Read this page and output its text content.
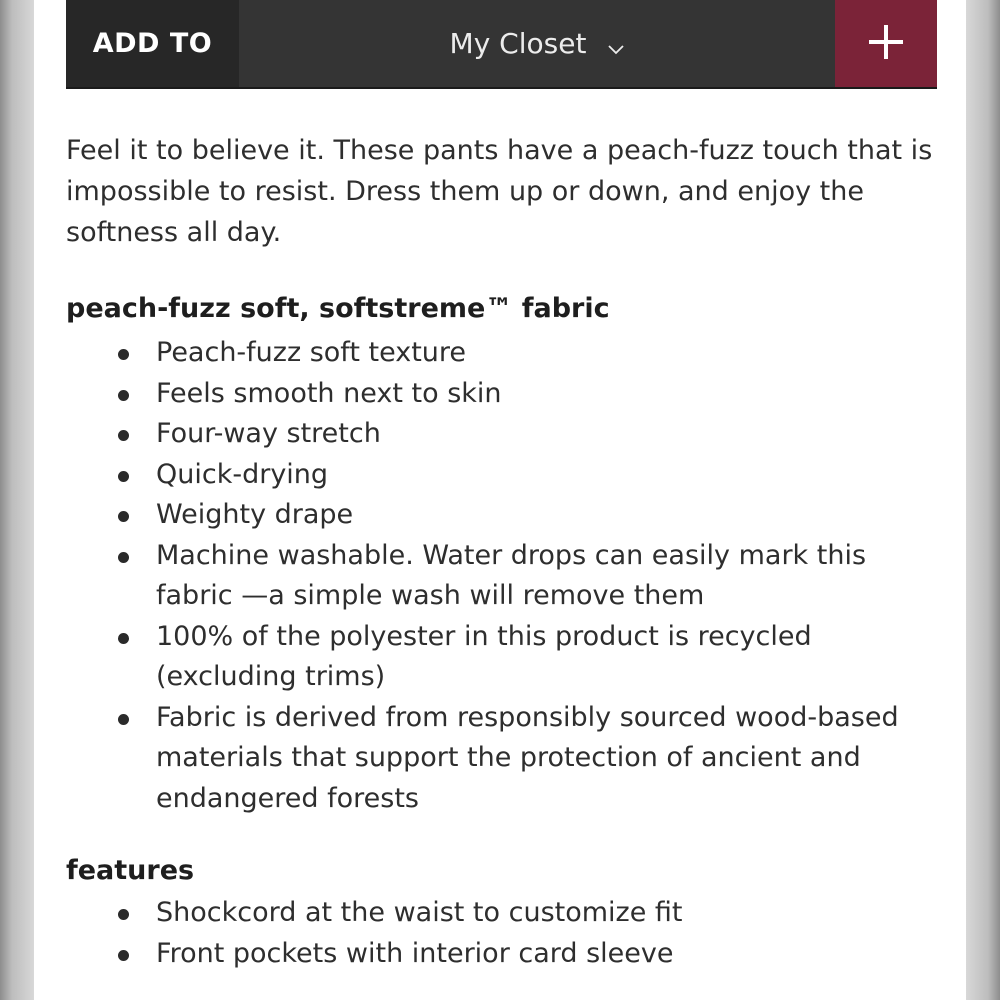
ADD TO	My Closet

Feel it to believe it. These pants have a peach-fuzz touch that is impossible to resist. Dress them up or down, and enjoy the softness all day.

peach-fuzz soft, softstreme™ fabric
Peach-fuzz soft texture
Feels smooth next to skin
Four-way stretch
Quick-drying
Weighty drape
Machine washable. Water drops can easily mark this fabric —a simple wash will remove them
100% of the polyester in this product is recycled (excluding trims)
Fabric is derived from responsibly sourced wood-based materials that support the protection of ancient and endangered forests
features
Shockcord at the waist to customize fit
Front pockets with interior card sleeve
